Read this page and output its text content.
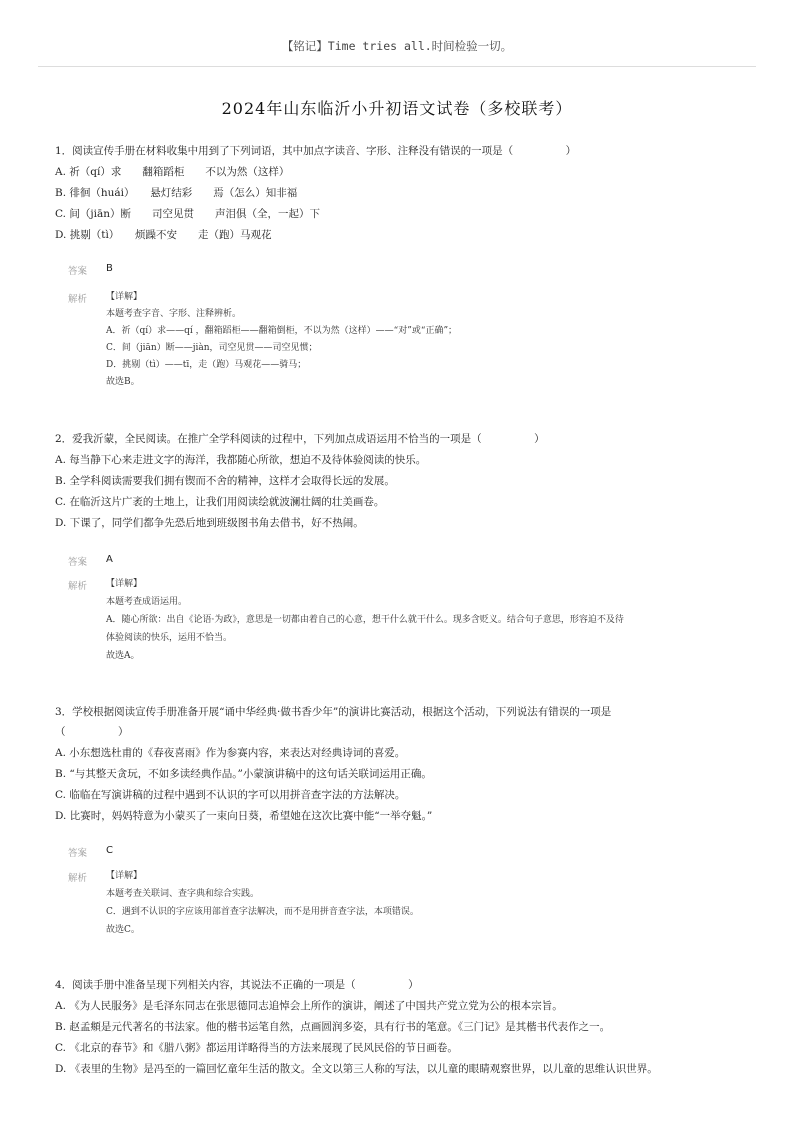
【铭记】Time tries all.时间检验一切。
2024年山东临沂小升初语文试卷（多校联考）
1．阅读宣传手册在材料收集中用到了下列词语，其中加点字读音、字形、注释没有错误的一项是（　　　　　）
A. 祈（qí）求　　翻箱蹈柜　　不以为然（这样）
B. 徘徊（huái）　　悬灯结彩　　焉（怎么）知非福
C. 间（jiān）断　　司空见贯　　声泪俱（全，一起）下
D. 挑剔（tì）　　烦躁不安　　走（跑）马观花
答案 B
解析 【详解】
本题考查字音、字形、注释辨析。
A．祈（qí）求——qí ，翻箱蹈柜——翻箱倒柜，不以为然（这样）——“对”或“正确”；
C．间（jiān）断——jiàn，司空见贯——司空见惯；
D．挑剔（tì）——tī，走（跑）马观花——骑马；
故选B。
2．爱我沂蒙，全民阅读。在推广全学科阅读的过程中，下列加点成语运用不恰当的一项是（　　　　　）
A. 每当静下心来走进文字的海洋，我都随心所欲，想迫不及待体验阅读的快乐。
B. 全学科阅读需要我们拥有锲而不舍的精神，这样才会取得长远的发展。
C. 在临沂这片广袤的土地上，让我们用阅读绘就波澜壮阔的壮美画卷。
D. 下课了，同学们都争先恐后地到班级图书角去借书，好不热闹。
答案 A
解析 【详解】
本题考查成语运用。
A．随心所欲：出自《论语·为政》，意思是一切都由着自己的心意，想干什么就干什么。现多含贬义。结合句子意思，形容迫不及待
体验阅读的快乐，运用不恰当。
故选A。
3．学校根据阅读宣传手册准备开展“诵中华经典·做书香少年”的演讲比赛活动，根据这个活动，下列说法有错误的一项是
（　　　　　）
A. 小东想选杜甫的《春夜喜雨》作为参赛内容，来表达对经典诗词的喜爱。
B. “与其整天贪玩，不如多读经典作品。”小蒙演讲稿中的这句话关联词运用正确。
C. 临临在写演讲稿的过程中遇到不认识的字可以用拼音查字法的方法解决。
D. 比赛时，妈妈特意为小蒙买了一束向日葵，希望她在这次比赛中能“一举夺魁。”
答案 C
解析 【详解】
本题考查关联词、查字典和综合实践。
C．遇到不认识的字应该用部首查字法解决，而不是用拼音查字法，本项错误。
故选C。
4．阅读手册中准备呈现下列相关内容，其说法不正确的一项是（　　　　　）
A. 《为人民服务》是毛泽东同志在张思德同志追悼会上所作的演讲，阐述了中国共产党立党为公的根本宗旨。
B. 赵孟頫是元代著名的书法家。他的楷书运笔自然，点画圆润多姿，具有行书的笔意。《三门记》是其楷书代表作之一。
C. 《北京的春节》和《腊八粥》都运用详略得当的方法来展现了民风民俗的节日画卷。
D. 《表里的生物》是冯至的一篇回忆童年生活的散文。全文以第三人称的写法，以儿童的眼睛观察世界，以儿童的思维认识世界。
